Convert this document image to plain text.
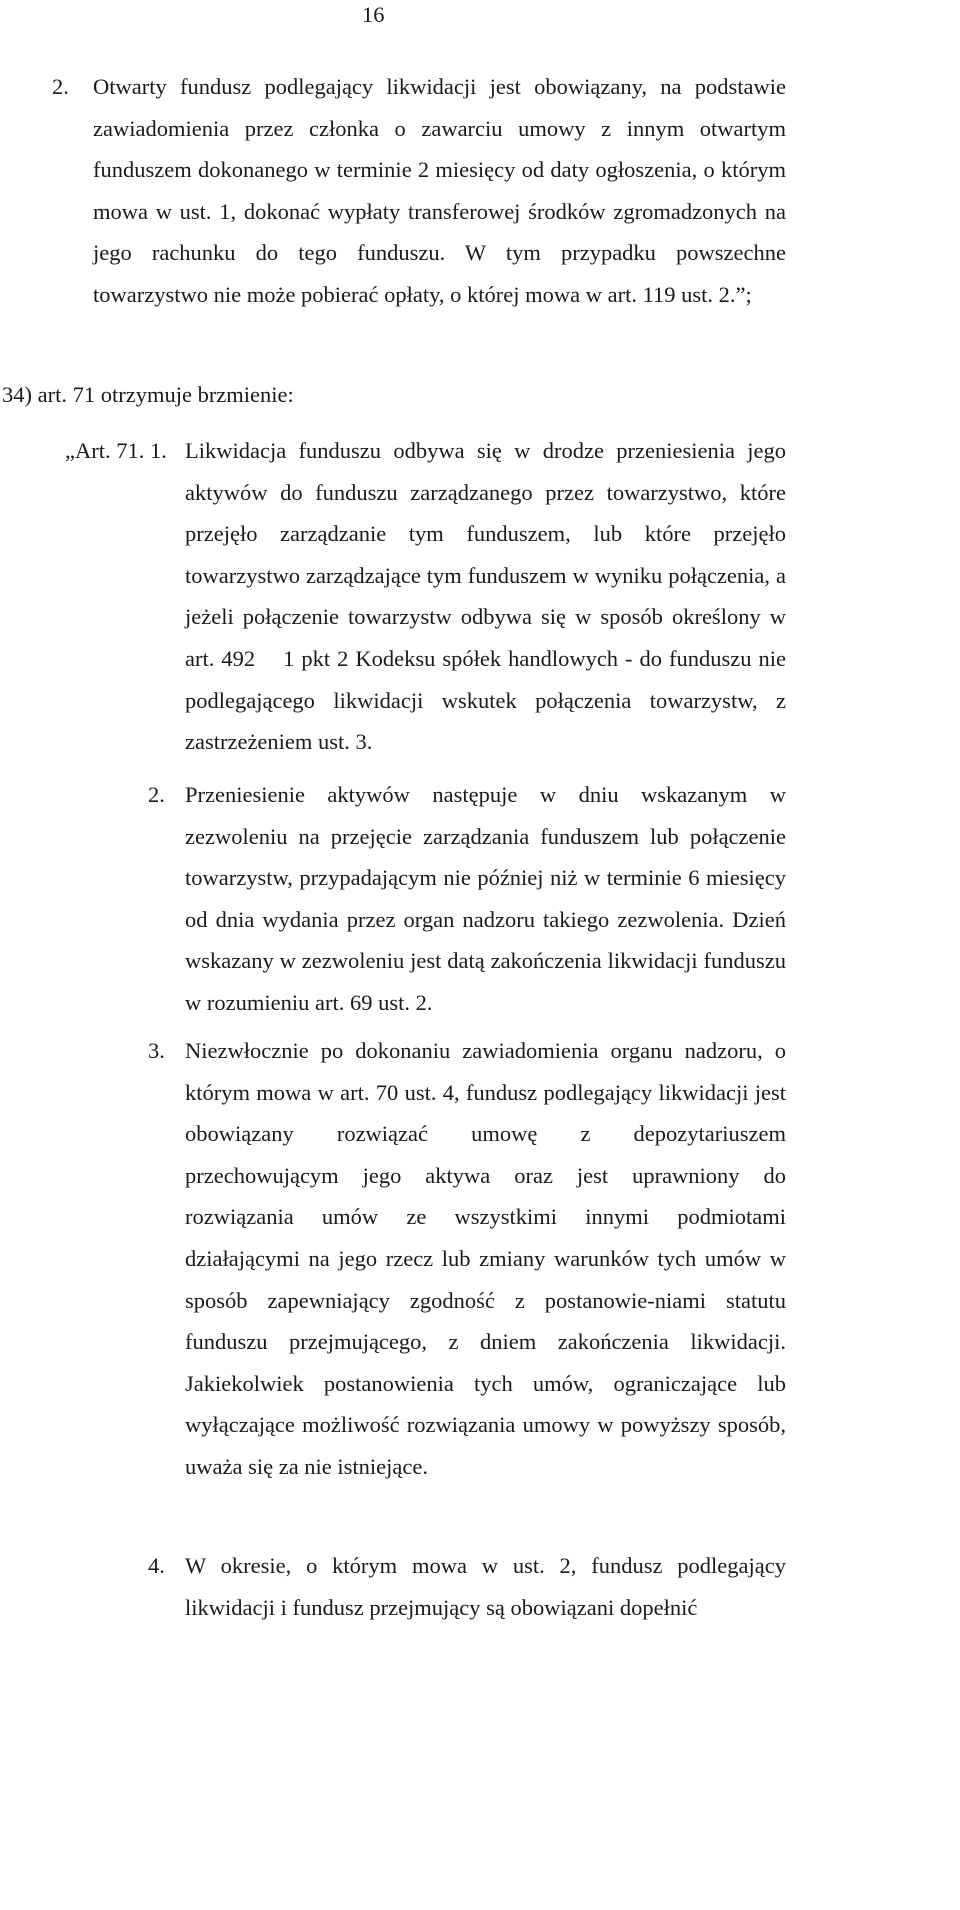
16
2. Otwarty fundusz podlegający likwidacji jest obowiązany, na podstawie zawiadomienia przez członka o zawarciu umowy z innym otwartym funduszem dokonanego w terminie 2 miesięcy od daty ogłoszenia, o którym mowa w ust. 1, dokonać wypłaty transferowej środków zgromadzonych na jego rachunku do tego funduszu. W tym przypadku powszechne towarzystwo nie może pobierać opłaty, o której mowa w art. 119 ust. 2.”;
34) art. 71 otrzymuje brzmienie:
„Art. 71. 1. Likwidacja funduszu odbywa się w drodze przeniesienia jego aktywów do funduszu zarządzanego przez towarzystwo, które przejęło zarządzanie tym funduszem, lub które przejęło towarzystwo zarządzające tym funduszem w wyniku połączenia, a jeżeli połączenie towarzystw odbywa się w sposób określony w art. 492 1 pkt 2 Kodeksu spółek handlowych - do funduszu nie podlegającego likwidacji wskutek połączenia towarzystw, z zastrzeżeniem ust. 3.
2. Przeniesienie aktywów następuje w dniu wskazanym w zezwoleniu na przejęcie zarządzania funduszem lub połączenie towarzystw, przypadającym nie później niż w terminie 6 miesięcy od dnia wydania przez organ nadzoru takiego zezwolenia. Dzień wskazany w zezwoleniu jest datą zakończenia likwidacji funduszu w rozumieniu art. 69 ust. 2.
3. Niezwłocznie po dokonaniu zawiadomienia organu nadzoru, o którym mowa w art. 70 ust. 4, fundusz podlegający likwidacji jest obowiązany rozwiązać umowę z depozytariuszem przechowującym jego aktywa oraz jest uprawniony do rozwiązania umów ze wszystkimi innymi podmiotami działającymi na jego rzecz lub zmiany warunków tych umów w sposób zapewniający zgodność z postanowie-niami statutu funduszu przejmującego, z dniem zakończenia likwidacji. Jakiekolwiek postanowienia tych umów, ograniczające lub wyłączające możliwość rozwiązania umowy w powyższy sposób, uważa się za nie istniejące.
4. W okresie, o którym mowa w ust. 2, fundusz podlegający likwidacji i fundusz przejmujący są obowiązani dopełnić
